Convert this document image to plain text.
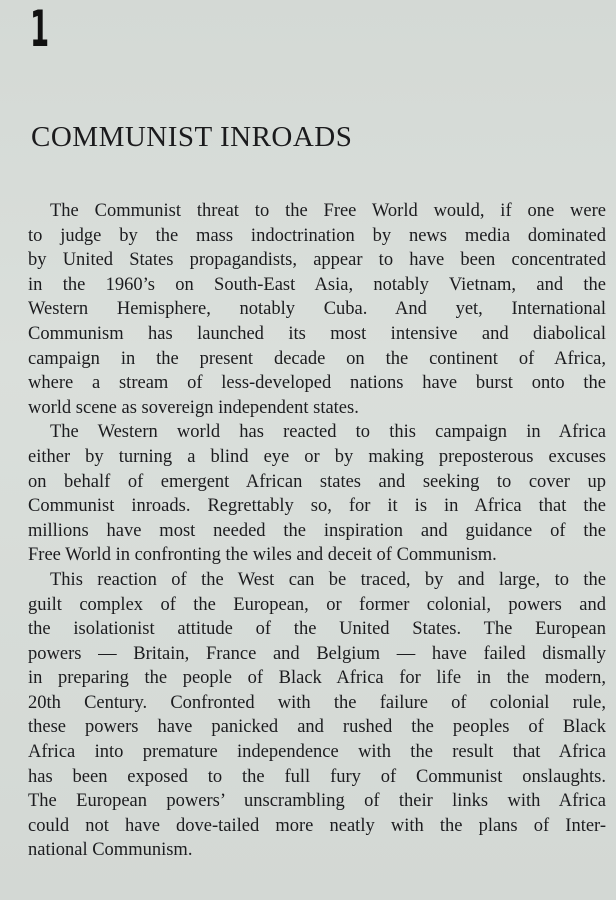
1
COMMUNIST INROADS
The Communist threat to the Free World would, if one were
to judge by the mass indoctrination by news media dominated
by United States propagandists, appear to have been concentrated
in the 1960’s on South-East Asia, notably Vietnam, and the
Western Hemisphere, notably Cuba. And yet, International
Communism has launched its most intensive and diabolical
campaign in the present decade on the continent of Africa,
where a stream of less-developed nations have burst onto the
world scene as sovereign independent states.
The Western world has reacted to this campaign in Africa
either by turning a blind eye or by making preposterous excuses
on behalf of emergent African states and seeking to cover up
Communist inroads. Regrettably so, for it is in Africa that the
millions have most needed the inspiration and guidance of the
Free World in confronting the wiles and deceit of Communism.
This reaction of the West can be traced, by and large, to the
guilt complex of the European, or former colonial, powers and
the isolationist attitude of the United States. The European
powers — Britain, France and Belgium — have failed dismally
in preparing the people of Black Africa for life in the modern,
20th Century. Confronted with the failure of colonial rule,
these powers have panicked and rushed the peoples of Black
Africa into premature independence with the result that Africa
has been exposed to the full fury of Communist onslaughts.
The European powers’ unscrambling of their links with Africa
could not have dove-tailed more neatly with the plans of Inter-
national Communism.
